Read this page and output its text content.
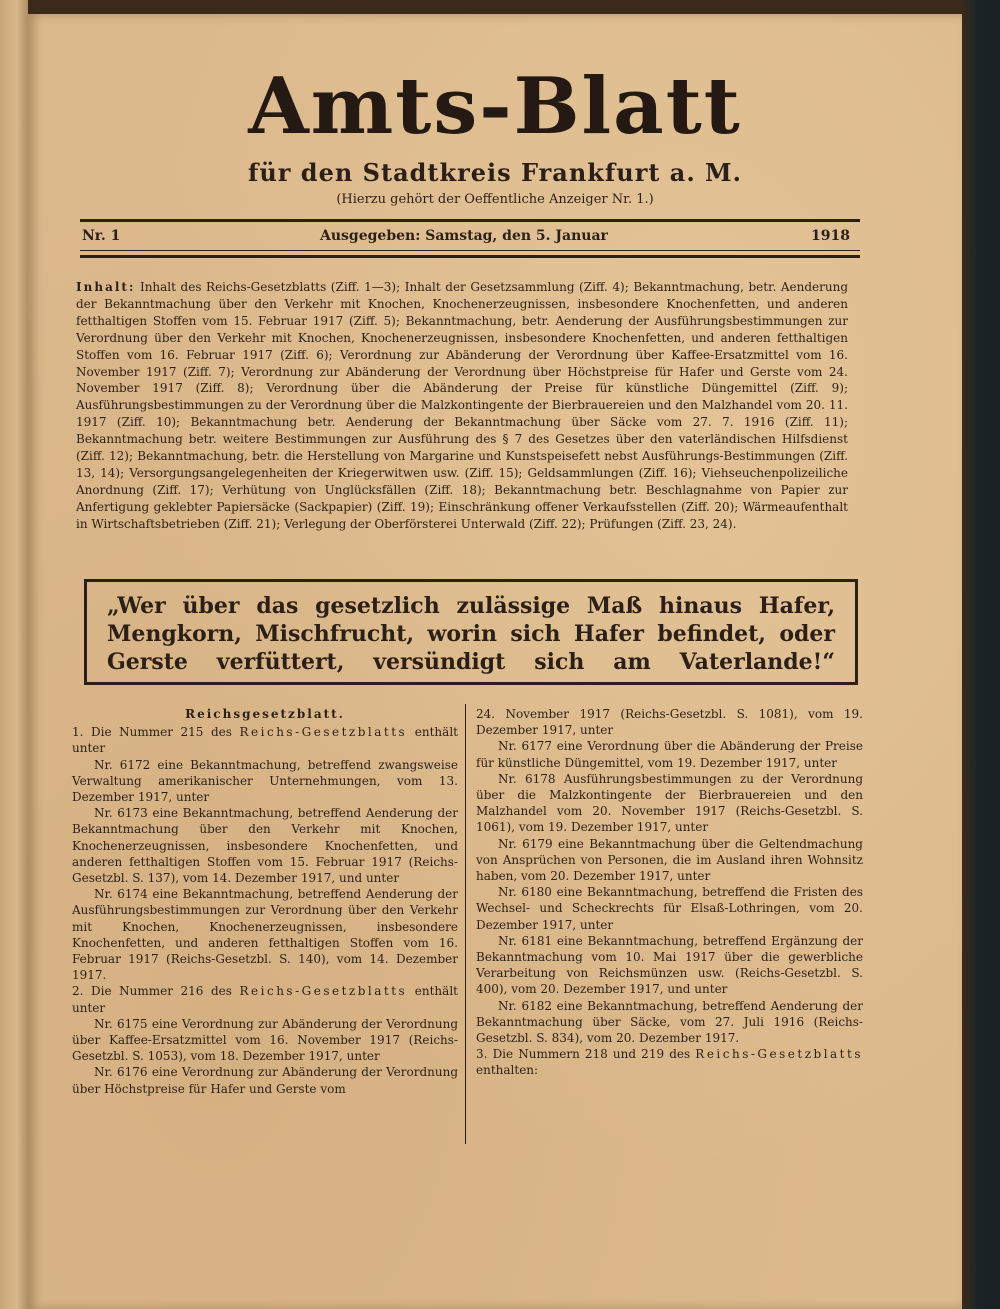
Amts-Blatt
für den Stadtkreis Frankfurt a. M.
(Hierzu gehört der Oeffentliche Anzeiger Nr. 1.)
Nr. 1	Ausgegeben: Samstag, den 5. Januar	1918
Inhalt: Inhalt des Reichs-Gesetzblatts (Ziff. 1—3); Inhalt der Gesetzsammlung (Ziff. 4); Bekanntmachung, betr. Aenderung der Bekanntmachung über den Verkehr mit Knochen, Knochenerzeugnissen, insbesondere Knochenfetten, und anderen fetthaltigen Stoffen vom 15. Februar 1917 (Ziff. 5); Bekanntmachung, betr. Aenderung der Ausführungsbestimmungen zur Verordnung über den Verkehr mit Knochen, Knochenerzeugnissen, insbesondere Knochenfetten, und anderen fetthaltigen Stoffen vom 16. Februar 1917 (Ziff. 6); Verordnung zur Abänderung der Verordnung über Kaffee-Ersatzmittel vom 16. November 1917 (Ziff. 7); Verordnung zur Abänderung der Verordnung über Höchstpreise für Hafer und Gerste vom 24. November 1917 (Ziff. 8); Verordnung über die Abänderung der Preise für künstliche Düngemittel (Ziff. 9); Ausführungsbestimmungen zu der Verordnung über die Malzkontingente der Bierbrauereien und den Malzhandel vom 20. 11. 1917 (Ziff. 10); Bekanntmachung betr. Aenderung der Bekanntmachung über Säcke vom 27. 7. 1916 (Ziff. 11); Bekanntmachung betr. weitere Bestimmungen zur Ausführung des § 7 des Gesetzes über den vaterländischen Hilfsdienst (Ziff. 12); Bekanntmachung, betr. die Herstellung von Margarine und Kunstspeisefett nebst Ausführungs-Bestimmungen (Ziff. 13, 14); Versorgungsangelegenheiten der Kriegerwitwen usw. (Ziff. 15); Geldsammlungen (Ziff. 16); Viehseuchenpolizeiliche Anordnung (Ziff. 17); Verhütung von Unglücksfällen (Ziff. 18); Bekanntmachung betr. Beschlagnahme von Papier zur Anfertigung geklebter Papiersäcke (Sackpapier) (Ziff. 19); Einschränkung offener Verkaufsstellen (Ziff. 20); Wärmeaufenthalt in Wirtschaftsbetrieben (Ziff. 21); Verlegung der Oberförsterei Unterwald (Ziff. 22); Prüfungen (Ziff. 23, 24).

„Wer über das gesetzlich zulässige Maß hinaus Hafer, Mengkorn, Mischfrucht, worin sich Hafer befindet, oder Gerste verfüttert, versündigt sich am Vaterlande!“

Reichsgesetzblatt.

1. Die Nummer 215 des Reichs-Gesetzblatts enthält unter

Nr. 6172 eine Bekanntmachung, betreffend zwangsweise Verwaltung amerikanischer Unternehmungen, vom 13. Dezember 1917, unter

Nr. 6173 eine Bekanntmachung, betreffend Aenderung der Bekanntmachung über den Verkehr mit Knochen, Knochenerzeugnissen, insbesondere Knochenfetten, und anderen fetthaltigen Stoffen vom 15. Februar 1917 (Reichs-Gesetzbl. S. 137), vom 14. Dezember 1917, und unter

Nr. 6174 eine Bekanntmachung, betreffend Aenderung der Ausführungsbestimmungen zur Verordnung über den Verkehr mit Knochen, Knochenerzeugnissen, insbesondere Knochenfetten, und anderen fetthaltigen Stoffen vom 16. Februar 1917 (Reichs-Gesetzbl. S. 140), vom 14. Dezember 1917.

2. Die Nummer 216 des Reichs-Gesetzblatts enthält unter

Nr. 6175 eine Verordnung zur Abänderung der Verordnung über Kaffee-Ersatzmittel vom 16. November 1917 (Reichs-Gesetzbl. S. 1053), vom 18. Dezember 1917, unter

Nr. 6176 eine Verordnung zur Abänderung der Verordnung über Höchstpreise für Hafer und Gerste vom

24. November 1917 (Reichs-Gesetzbl. S. 1081), vom 19. Dezember 1917, unter

Nr. 6177 eine Verordnung über die Abänderung der Preise für künstliche Düngemittel, vom 19. Dezember 1917, unter

Nr. 6178 Ausführungsbestimmungen zu der Verordnung über die Malzkontingente der Bierbrauereien und den Malzhandel vom 20. November 1917 (Reichs-Gesetzbl. S. 1061), vom 19. Dezember 1917, unter

Nr. 6179 eine Bekanntmachung über die Geltendmachung von Ansprüchen von Personen, die im Ausland ihren Wohnsitz haben, vom 20. Dezember 1917, unter

Nr. 6180 eine Bekanntmachung, betreffend die Fristen des Wechsel- und Scheckrechts für Elsaß-Lothringen, vom 20. Dezember 1917, unter

Nr. 6181 eine Bekanntmachung, betreffend Ergänzung der Bekanntmachung vom 10. Mai 1917 über die gewerbliche Verarbeitung von Reichsmünzen usw. (Reichs-Gesetzbl. S. 400), vom 20. Dezember 1917, und unter

Nr. 6182 eine Bekanntmachung, betreffend Aenderung der Bekanntmachung über Säcke, vom 27. Juli 1916 (Reichs-Gesetzbl. S. 834), vom 20. Dezember 1917.

3. Die Nummern 218 und 219 des Reichs-Gesetzblatts enthalten:
